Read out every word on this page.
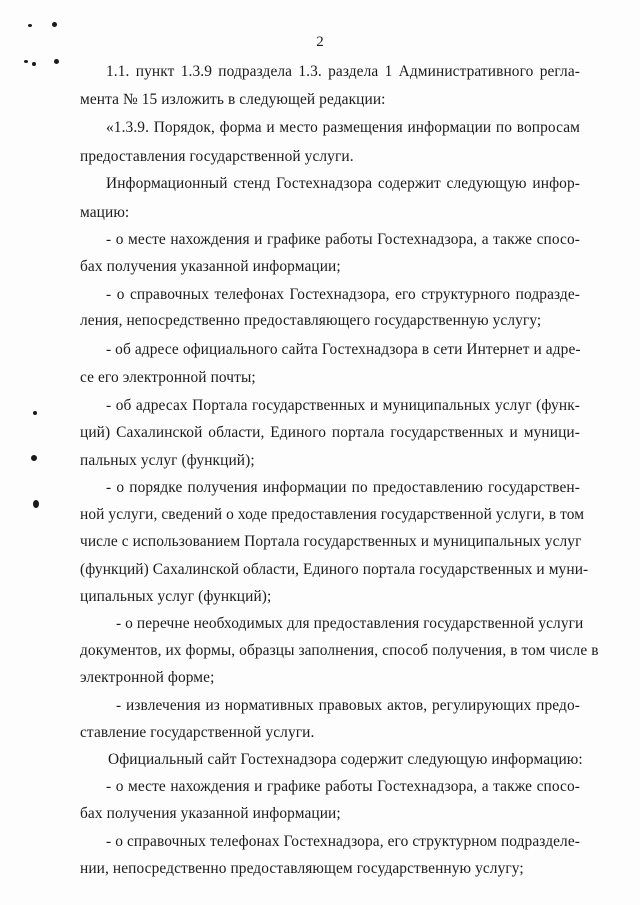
2
1.1. пункт 1.3.9 подраздела 1.3. раздела 1 Административного регла-
мента № 15 изложить в следующей редакции:
«1.3.9. Порядок, форма и место размещения информации по вопросам
предоставления государственной услуги.
Информационный стенд Гостехнадзора содержит следующую инфор-
мацию:
- о месте нахождения и графике работы Гостехнадзора, а также спосо-
бах получения указанной информации;
- о справочных телефонах Гостехнадзора, его структурного подразде-
ления, непосредственно предоставляющего государственную услугу;
- об адресе официального сайта Гостехнадзора в сети Интернет и адре-
се его электронной почты;
- об адресах Портала государственных и муниципальных услуг (функ-
ций) Сахалинской области, Единого портала государственных и муници-
пальных услуг (функций);
- о порядке получения информации по предоставлению государствен-
ной услуги, сведений о ходе предоставления государственной услуги, в том
числе с использованием Портала государственных и муниципальных услуг
(функций) Сахалинской области, Единого портала государственных и муни-
ципальных услуг (функций);
- о перечне необходимых для предоставления государственной услуги
документов, их формы, образцы заполнения, способ получения, в том числе в
электронной форме;
- извлечения из нормативных правовых актов, регулирующих предо-
ставление государственной услуги.
Официальный сайт Гостехнадзора содержит следующую информацию:
- о месте нахождения и графике работы Гостехнадзора, а также спосо-
бах получения указанной информации;
- о справочных телефонах Гостехнадзора, его структурном подразделе-
нии, непосредственно предоставляющем государственную услугу;
